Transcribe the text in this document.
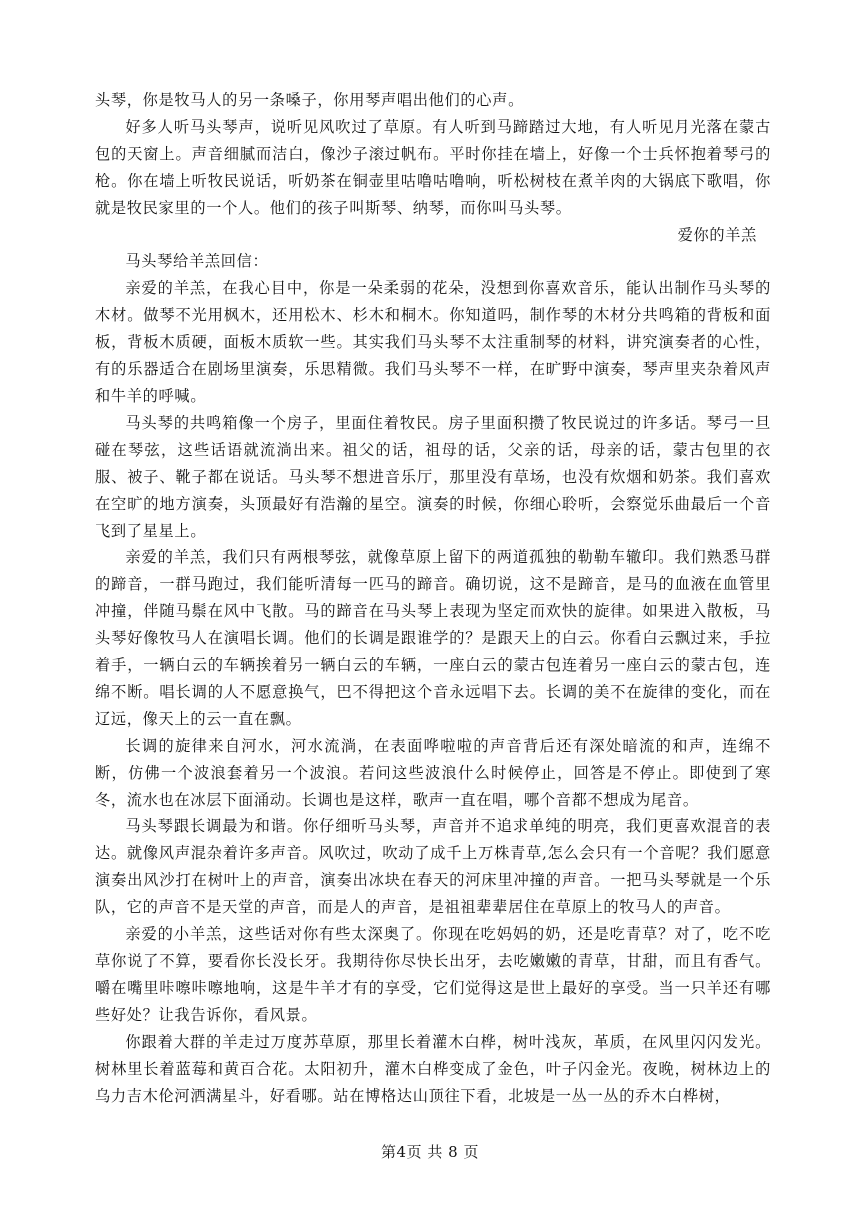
头琴，你是牧马人的另一条嗓子，你用琴声唱出他们的心声。

好多人听马头琴声，说听见风吹过了草原。有人听到马蹄踏过大地，有人听见月光落在蒙古包的天窗上。声音细腻而洁白，像沙子滚过帆布。平时你挂在墙上，好像一个士兵怀抱着琴弓的枪。你在墙上听牧民说话，听奶茶在铜壶里咕噜咕噜响，听松树枝在煮羊肉的大锅底下歌唱，你就是牧民家里的一个人。他们的孩子叫斯琴、纳琴，而你叫马头琴。

爱你的羊羔

马头琴给羊羔回信：

亲爱的羊羔，在我心目中，你是一朵柔弱的花朵，没想到你喜欢音乐，能认出制作马头琴的木材。做琴不光用枫木，还用松木、杉木和桐木。你知道吗，制作琴的木材分共鸣箱的背板和面板，背板木质硬，面板木质软一些。其实我们马头琴不太注重制琴的材料，讲究演奏者的心性，有的乐器适合在剧场里演奏，乐思精微。我们马头琴不一样，在旷野中演奏，琴声里夹杂着风声和牛羊的呼喊。

马头琴的共鸣箱像一个房子，里面住着牧民。房子里面积攒了牧民说过的许多话。琴弓一旦碰在琴弦，这些话语就流淌出来。祖父的话，祖母的话，父亲的话，母亲的话，蒙古包里的衣服、被子、靴子都在说话。马头琴不想进音乐厅，那里没有草场，也没有炊烟和奶茶。我们喜欢在空旷的地方演奏，头顶最好有浩瀚的星空。演奏的时候，你细心聆听，会察觉乐曲最后一个音飞到了星星上。

亲爱的羊羔，我们只有两根琴弦，就像草原上留下的两道孤独的勒勒车辙印。我们熟悉马群的蹄音，一群马跑过，我们能听清每一匹马的蹄音。确切说，这不是蹄音，是马的血液在血管里冲撞，伴随马鬃在风中飞散。马的蹄音在马头琴上表现为坚定而欢快的旋律。如果进入散板，马头琴好像牧马人在演唱长调。他们的长调是跟谁学的？是跟天上的白云。你看白云飘过来，手拉着手，一辆白云的车辆挨着另一辆白云的车辆，一座白云的蒙古包连着另一座白云的蒙古包，连绵不断。唱长调的人不愿意换气，巴不得把这个音永远唱下去。长调的美不在旋律的变化，而在辽远，像天上的云一直在飘。

长调的旋律来自河水，河水流淌，在表面哗啦啦的声音背后还有深处暗流的和声，连绵不断，仿佛一个波浪套着另一个波浪。若问这些波浪什么时候停止，回答是不停止。即使到了寒冬，流水也在冰层下面涌动。长调也是这样，歌声一直在唱，哪个音都不想成为尾音。

马头琴跟长调最为和谐。你仔细听马头琴，声音并不追求单纯的明亮，我们更喜欢混音的表达。就像风声混杂着许多声音。风吹过，吹动了成千上万株青草,怎么会只有一个音呢？我们愿意演奏出风沙打在树叶上的声音，演奏出冰块在春天的河床里冲撞的声音。一把马头琴就是一个乐队，它的声音不是天堂的声音，而是人的声音，是祖祖辈辈居住在草原上的牧马人的声音。

亲爱的小羊羔，这些话对你有些太深奥了。你现在吃妈妈的奶，还是吃青草？对了，吃不吃草你说了不算，要看你长没长牙。我期待你尽快长出牙，去吃嫩嫩的青草，甘甜，而且有香气。嚼在嘴里咔嚓咔嚓地响，这是牛羊才有的享受，它们觉得这是世上最好的享受。当一只羊还有哪些好处？让我告诉你，看风景。

你跟着大群的羊走过万度苏草原，那里长着灌木白桦，树叶浅灰，革质，在风里闪闪发光。树林里长着蓝莓和黄百合花。太阳初升，灌木白桦变成了金色，叶子闪金光。夜晚，树林边上的乌力吉木伦河洒满星斗，好看哪。站在博格达山顶往下看，北坡是一丛一丛的乔木白桦树，

第4页 共 8 页
